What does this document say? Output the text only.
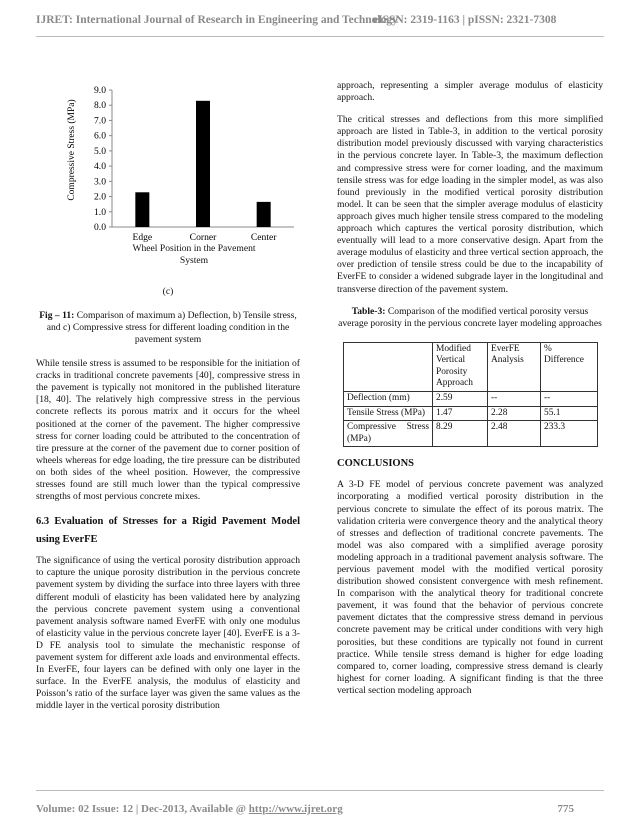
IJRET: International Journal of Research in Engineering and Technology
eISSN: 2319-1163 | pISSN: 2321-7308
0.0
1.0
2.0
3.0
4.0
5.0
6.0
7.0
8.0
9.0
Edge	Corner	Center
Compressive Stress (MPa)
Wheel Position in the Pavement System
(c)
Fig – 11: Comparison of maximum a) Deflection, b) Tensile stress, and c) Compressive stress for different loading condition in the pavement system

While tensile stress is assumed to be responsible for the initiation of cracks in traditional concrete pavements [40], compressive stress in the pavement is typically not monitored in the published literature [18, 40]. The relatively high compressive stress in the pervious concrete reflects its porous matrix and it occurs for the wheel positioned at the corner of the pavement. The higher compressive stress for corner loading could be attributed to the concentration of tire pressure at the corner of the pavement due to corner position of wheels whereas for edge loading, the tire pressure can be distributed on both sides of the wheel position. However, the compressive stresses found are still much lower than the typical compressive strengths of most pervious concrete mixes.

6.3 Evaluation of Stresses for a Rigid Pavement Model using EverFE

The significance of using the vertical porosity distribution approach to capture the unique porosity distribution in the pervious concrete pavement system by dividing the surface into three layers with three different moduli of elasticity has been validated here by analyzing the pervious concrete pavement system using a conventional pavement analysis software named EverFE with only one modulus of elasticity value in the pervious concrete layer [40]. EverFE is a 3-D FE analysis tool to simulate the mechanistic response of pavement system for different axle loads and environmental effects. In EverFE, four layers can be defined with only one layer in the surface. In the EverFE analysis, the modulus of elasticity and Poisson’s ratio of the surface layer was given the same values as the middle layer in the vertical porosity distribution

approach, representing a simpler average modulus of elasticity approach.

The critical stresses and deflections from this more simplified approach are listed in Table-3, in addition to the vertical porosity distribution model previously discussed with varying characteristics in the pervious concrete layer. In Table-3, the maximum deflection and compressive stress were for corner loading, and the maximum tensile stress was for edge loading in the simpler model, as was also found previously in the modified vertical porosity distribution model. It can be seen that the simpler average modulus of elasticity approach gives much higher tensile stress compared to the modeling approach which captures the vertical porosity distribution, which eventually will lead to a more conservative design. Apart from the average modulus of elasticity and three vertical section approach, the over prediction of tensile stress could be due to the incapability of EverFE to consider a widened subgrade layer in the longitudinal and transverse direction of the pavement system.

Table-3: Comparison of the modified vertical porosity versus average porosity in the pervious concrete layer modeling approaches
	Modified Vertical Porosity Approach	EverFE Analysis	% Difference
Deflection (mm)	2.59	--	--
Tensile Stress (MPa)	1.47	2.28	55.1
Compressive Stress (MPa)	8.29	2.48	233.3
CONCLUSIONS

A 3-D FE model of pervious concrete pavement was analyzed incorporating a modified vertical porosity distribution in the pervious concrete to simulate the effect of its porous matrix. The validation criteria were convergence theory and the analytical theory of stresses and deflection of traditional concrete pavements. The model was also compared with a simplified average porosity modeling approach in a traditional pavement analysis software. The pervious pavement model with the modified vertical porosity distribution showed consistent convergence with mesh refinement. In comparison with the analytical theory for traditional concrete pavement, it was found that the behavior of pervious concrete pavement dictates that the compressive stress demand in pervious concrete pavement may be critical under conditions with very high porosities, but these conditions are typically not found in current practice. While tensile stress demand is higher for edge loading compared to, corner loading, compressive stress demand is clearly highest for corner loading. A significant finding is that the three vertical section modeling approach

Volume: 02 Issue: 12 | Dec-2013, Available @ http://www.ijret.org	775
